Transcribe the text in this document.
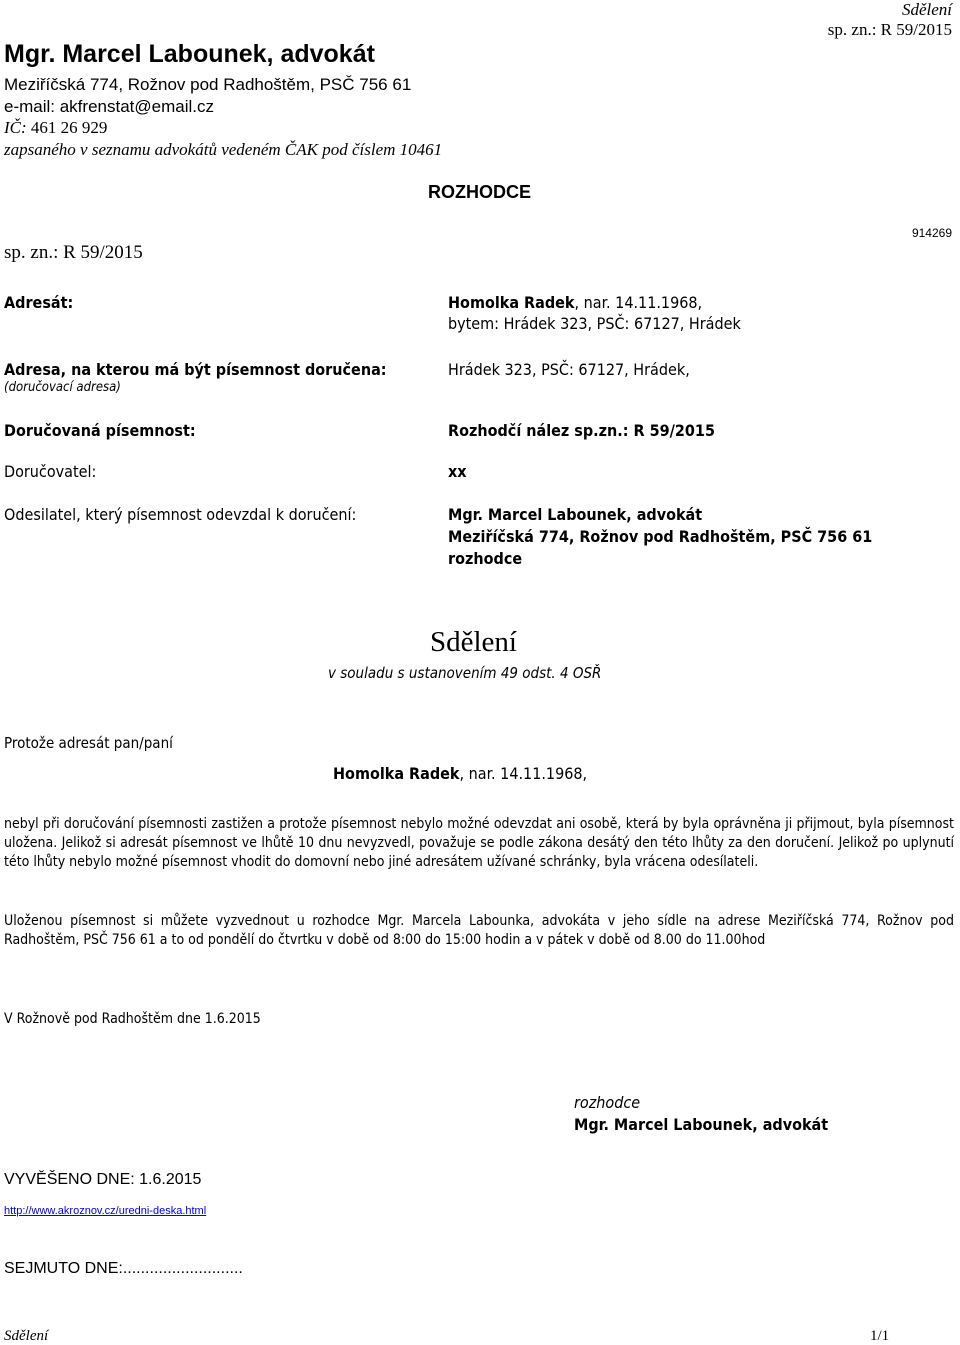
Mgr. Marcel Labounek, advokát
Meziříčská 774, Rožnov pod Radhoštěm, PSČ 756 61
e-mail: akfrenstat@email.cz
IČ: 461 26 929
zapsaného v seznamu advokátů vedeném ČAK pod číslem 10461
Sdělení
sp. zn.: R 59/2015
ROZHODCE
sp. zn.: R 59/2015
914269
Adresát:	Homolka Radek, nar. 14.11.1968,
bytem: Hrádek 323, PSČ: 67127, Hrádek
Adresa, na kterou má být písemnost doručena:
(doručovací adresa)
Hrádek 323, PSČ: 67127, Hrádek,
Doručovaná písemnost:	Rozhodčí nález sp.zn.: R 59/2015
Doručovatel:	xx
Odesilatel, který písemnost odevzdal k doručení:	Mgr. Marcel Labounek, advokát
Meziříčská 774, Rožnov pod Radhoštěm, PSČ 756 61
rozhodce
Sdělení
v souladu s ustanovením 49 odst. 4 OSŘ
Protože adresát pan/paní
Homolka Radek, nar. 14.11.1968,
nebyl při doručování písemnosti zastižen a protože písemnost nebylo možné odevzdat ani osobě, která by byla oprávněna ji přijmout, byla písemnost uložena. Jelikož si adresát písemnost ve lhůtě 10 dnu nevyzvedl, považuje se podle zákona desátý den této lhůty za den doručení. Jelikož po uplynutí této lhůty nebylo možné písemnost vhodit do domovní nebo jiné adresátem užívané schránky, byla vrácena odesílateli.
Uloženou písemnost si můžete vyzvednout u rozhodce Mgr. Marcela Labounka, advokáta v jeho sídle na adrese Meziříčská 774, Rožnov pod Radhoštěm, PSČ 756 61 a to od pondělí do čtvrtku v době od 8:00 do 15:00 hodin a v pátek v době od 8.00 do 11.00hod
V Rožnově pod Radhoštěm dne 1.6.2015
rozhodce
Mgr. Marcel Labounek, advokát
VYVĚŠENO DNE: 1.6.2015
http://www.akroznov.cz/uredni-deska.html
SEJMUTO DNE:...........................
Sdělení	1/1
